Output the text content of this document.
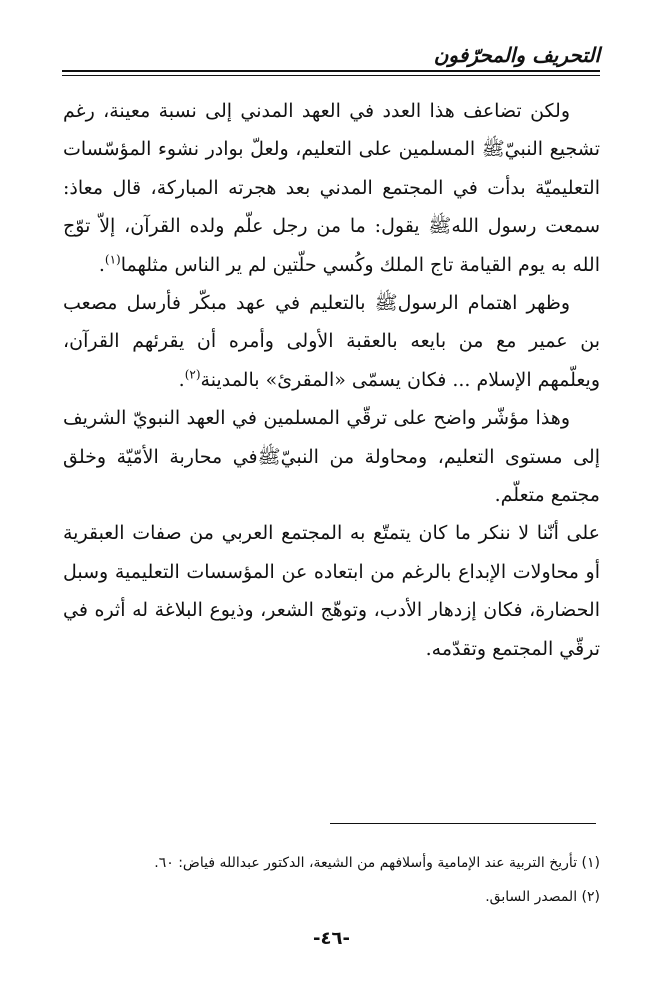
التحريف والمحرّفون

ولكن تضاعف هذا العدد في العهد المدني إلى نسبة معينة، رغم تشجيع النبيّﷺ المسلمين على التعليم، ولعلّ بوادر نشوء المؤسّسات التعليميّة بدأت في المجتمع المدني بعد هجرته المباركة، قال معاذ: سمعت رسول اللهﷺ يقول: ما من رجل علّم ولده القرآن، إلاّ توّج الله به يوم القيامة تاج الملك وكُسي حلّتين لم ير الناس مثلهما$^{(١)}$.

وظهر اهتمام الرسولﷺ بالتعليم في عهد مبكّر فأرسل مصعب بن عمير مع من بايعه بالعقبة الأولى وأمره أن يقرئهم القرآن، ويعلّمهم الإسلام ... فكان يسمّى «المقرئ» بالمدينة$^{(٢)}$.

وهذا مؤشّر واضح على ترقّي المسلمين في العهد النبويّ الشريف إلى مستوى التعليم، ومحاولة من النبيّﷺفي محاربة الأمّيّة وخلق مجتمع متعلّم.

على أنّنا لا ننكر ما كان يتمتّع به المجتمع العربي من صفات العبقرية أو محاولات الإبداع بالرغم من ابتعاده عن المؤسسات التعليمية وسبل الحضارة، فكان إزدهار الأدب، وتوهّج الشعر، وذيوع البلاغة له أثره في ترقّي المجتمع وتقدّمه.

(١) تأريخ التربية عند الإمامية وأسلافهم من الشيعة، الدكتور عبدالله فياض: ٦٠.

(٢) المصدر السابق.

-٤٦-
